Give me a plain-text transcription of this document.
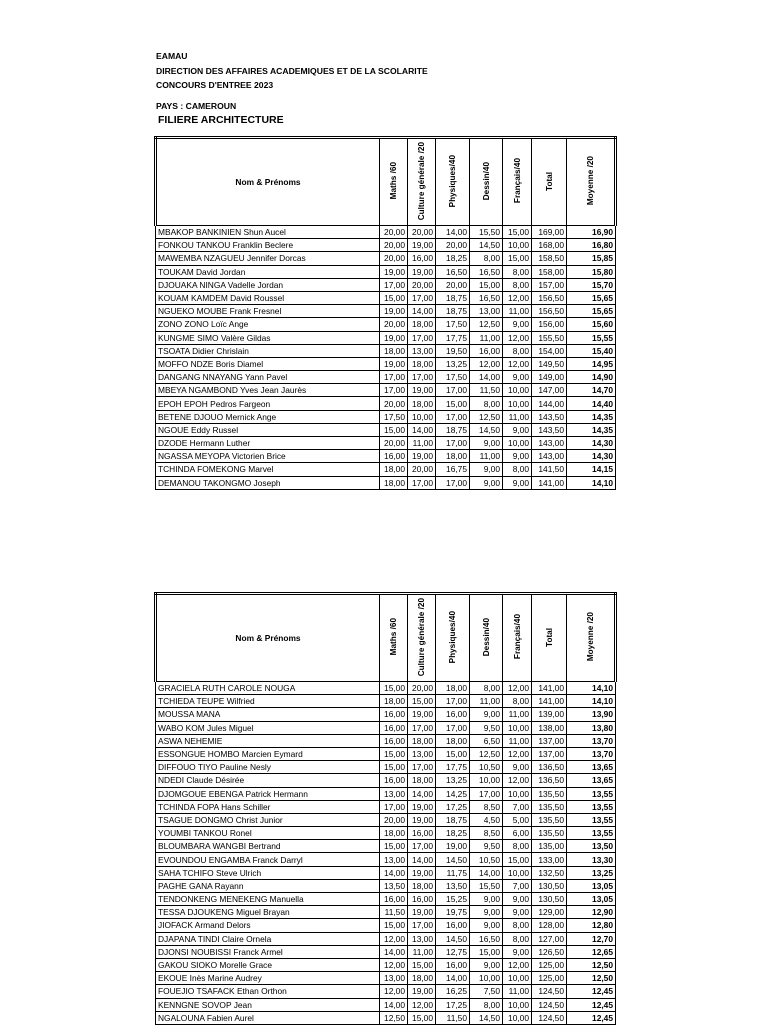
EAMAU
DIRECTION DES AFFAIRES ACADEMIQUES ET DE LA SCOLARITE
CONCOURS D'ENTREE 2023
PAYS : CAMEROUN
FILIERE ARCHITECTURE
Nom & Prénoms	Maths /60	Culture générale /20	Physiques/40	Dessin/40	Français/40	Total	Moyenne /20
MBAKOP BANKINIEN Shun Aucel	20,00	20,00	14,00	15,50	15,00	169,00	16,90
FONKOU TANKOU Franklin Beclere	20,00	19,00	20,00	14,50	10,00	168,00	16,80
MAWEMBA NZAGUEU Jennifer Dorcas	20,00	16,00	18,25	8,00	15,00	158,50	15,85
TOUKAM David Jordan	19,00	19,00	16,50	16,50	8,00	158,00	15,80
DJOUAKA NINGA Vadelle Jordan	17,00	20,00	20,00	15,00	8,00	157,00	15,70
KOUAM KAMDEM David Roussel	15,00	17,00	18,75	16,50	12,00	156,50	15,65
NGUEKO MOUBE Frank Fresnel	19,00	14,00	18,75	13,00	11,00	156,50	15,65
ZONO ZONO Loïc Ange	20,00	18,00	17,50	12,50	9,00	156,00	15,60
KUNGME SIMO Valère Gildas	19,00	17,00	17,75	11,00	12,00	155,50	15,55
TSOATA Didier Chrislain	18,00	13,00	19,50	16,00	8,00	154,00	15,40
MOFFO NDZE Boris Diamel	19,00	18,00	13,25	12,00	12,00	149,50	14,95
DANGANG NNAYANG Yann Pavel	17,00	17,00	17,50	14,00	9,00	149,00	14,90
MBEYA NGAMBOND Yves Jean Jaurès	17,00	19,00	17,00	11,50	10,00	147,00	14,70
EPOH EPOH Pedros Fargeon	20,00	18,00	15,00	8,00	10,00	144,00	14,40
BETENE DJOUO Mernick Ange	17,50	10,00	17,00	12,50	11,00	143,50	14,35
NGOUE Eddy Russel	15,00	14,00	18,75	14,50	9,00	143,50	14,35
DZODE Hermann Luther	20,00	11,00	17,00	9,00	10,00	143,00	14,30
NGASSA MEYOPA Victorien Brice	16,00	19,00	18,00	11,00	9,00	143,00	14,30
TCHINDA FOMEKONG Marvel	18,00	20,00	16,75	9,00	8,00	141,50	14,15
DEMANOU TAKONGMO Joseph	18,00	17,00	17,00	9,00	9,00	141,00	14,10
Nom & Prénoms	Maths /60	Culture générale /20	Physiques/40	Dessin/40	Français/40	Total	Moyenne /20
GRACIELA RUTH CAROLE NOUGA	15,00	20,00	18,00	8,00	12,00	141,00	14,10
TCHIEDA TEUPE Wilfried	18,00	15,00	17,00	11,00	8,00	141,00	14,10
MOUSSA MANA	16,00	19,00	16,00	9,00	11,00	139,00	13,90
WABO KOM Jules Miguel	16,00	17,00	17,00	9,50	10,00	138,00	13,80
ASWA NEHEMIE	16,00	18,00	18,00	6,50	11,00	137,00	13,70
ESSONGUE HOMBO Marcien Eymard	15,00	13,00	15,00	12,50	12,00	137,00	13,70
DIFFOUO TIYO Pauline Nesly	15,00	17,00	17,75	10,50	9,00	136,50	13,65
NDEDI Claude Désirée	16,00	18,00	13,25	10,00	12,00	136,50	13,65
DJOMGOUE EBENGA Patrick Hermann	13,00	14,00	14,25	17,00	10,00	135,50	13,55
TCHINDA FOPA Hans Schiller	17,00	19,00	17,25	8,50	7,00	135,50	13,55
TSAGUE DONGMO Christ Junior	20,00	19,00	18,75	4,50	5,00	135,50	13,55
YOUMBI TANKOU Ronel	18,00	16,00	18,25	8,50	6,00	135,50	13,55
BLOUMBARA WANGBI Bertrand	15,00	17,00	19,00	9,50	8,00	135,00	13,50
EVOUNDOU ENGAMBA Franck Darryl	13,00	14,00	14,50	10,50	15,00	133,00	13,30
SAHA TCHIFO Steve Ulrich	14,00	19,00	11,75	14,00	10,00	132,50	13,25
PAGHE GANA Rayann	13,50	18,00	13,50	15,50	7,00	130,50	13,05
TENDONKENG MENEKENG Manuella	16,00	16,00	15,25	9,00	9,00	130,50	13,05
TESSA DJOUKENG Miguel Brayan	11,50	19,00	19,75	9,00	9,00	129,00	12,90
JIOFACK Armand Delors	15,00	17,00	16,00	9,00	8,00	128,00	12,80
DJAPANA TINDI Claire Ornela	12,00	13,00	14,50	16,50	8,00	127,00	12,70
DJONSI NOUBISSI Franck Armel	14,00	11,00	12,75	15,00	9,00	126,50	12,65
GAKOU SIOKO Morelle Grace	12,00	15,00	16,00	9,00	12,00	125,00	12,50
EKOUE Inès Marine Audrey	13,00	18,00	14,00	10,00	10,00	125,00	12,50
FOUEJIO TSAFACK Ethan Orthon	12,00	19,00	16,25	7,50	11,00	124,50	12,45
KENNGNE SOVOP Jean	14,00	12,00	17,25	8,00	10,00	124,50	12,45
NGALOUNA Fabien Aurel	12,50	15,00	11,50	14,50	10,00	124,50	12,45
